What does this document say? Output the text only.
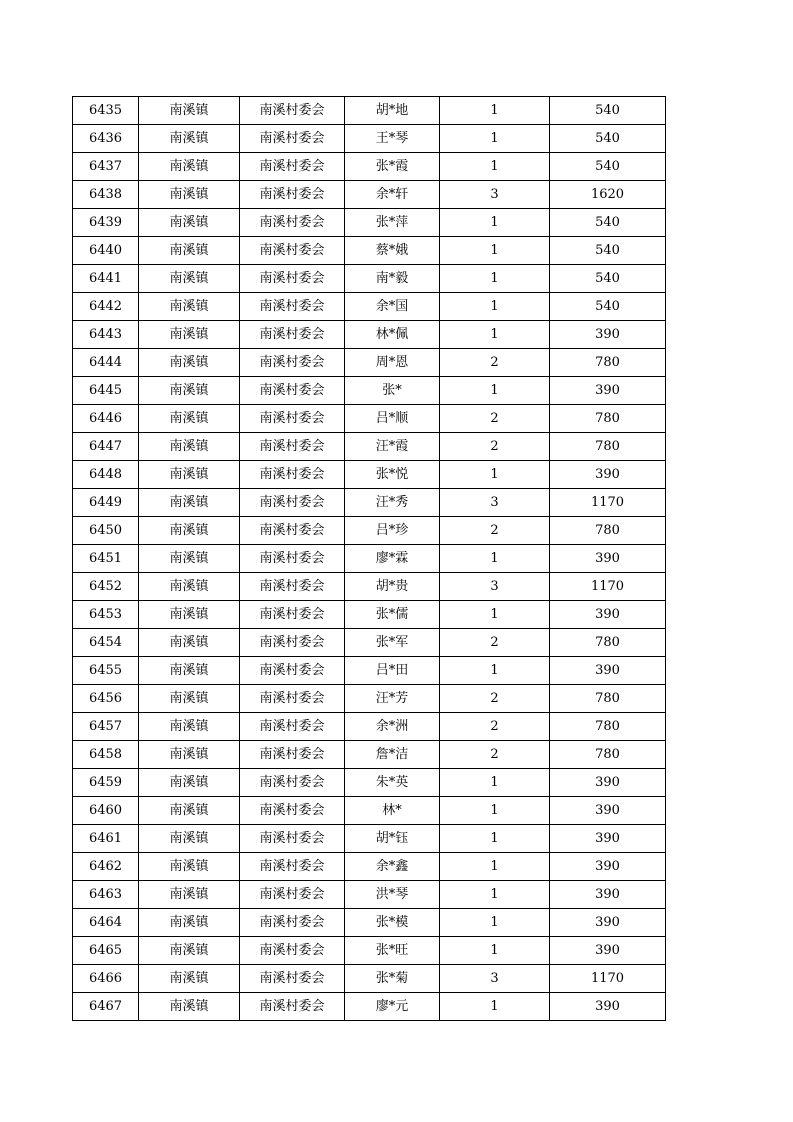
6435	南溪镇	南溪村委会	胡*地	1	540
6436	南溪镇	南溪村委会	王*琴	1	540
6437	南溪镇	南溪村委会	张*霞	1	540
6438	南溪镇	南溪村委会	余*轩	3	1620
6439	南溪镇	南溪村委会	张*萍	1	540
6440	南溪镇	南溪村委会	蔡*娥	1	540
6441	南溪镇	南溪村委会	南*毅	1	540
6442	南溪镇	南溪村委会	余*国	1	540
6443	南溪镇	南溪村委会	林*佩	1	390
6444	南溪镇	南溪村委会	周*恩	2	780
6445	南溪镇	南溪村委会	张*	1	390
6446	南溪镇	南溪村委会	吕*顺	2	780
6447	南溪镇	南溪村委会	汪*霞	2	780
6448	南溪镇	南溪村委会	张*悦	1	390
6449	南溪镇	南溪村委会	汪*秀	3	1170
6450	南溪镇	南溪村委会	吕*珍	2	780
6451	南溪镇	南溪村委会	廖*霖	1	390
6452	南溪镇	南溪村委会	胡*贵	3	1170
6453	南溪镇	南溪村委会	张*儒	1	390
6454	南溪镇	南溪村委会	张*军	2	780
6455	南溪镇	南溪村委会	吕*田	1	390
6456	南溪镇	南溪村委会	汪*芳	2	780
6457	南溪镇	南溪村委会	余*洲	2	780
6458	南溪镇	南溪村委会	詹*洁	2	780
6459	南溪镇	南溪村委会	朱*英	1	390
6460	南溪镇	南溪村委会	林*	1	390
6461	南溪镇	南溪村委会	胡*钰	1	390
6462	南溪镇	南溪村委会	余*鑫	1	390
6463	南溪镇	南溪村委会	洪*琴	1	390
6464	南溪镇	南溪村委会	张*模	1	390
6465	南溪镇	南溪村委会	张*旺	1	390
6466	南溪镇	南溪村委会	张*菊	3	1170
6467	南溪镇	南溪村委会	廖*元	1	390
